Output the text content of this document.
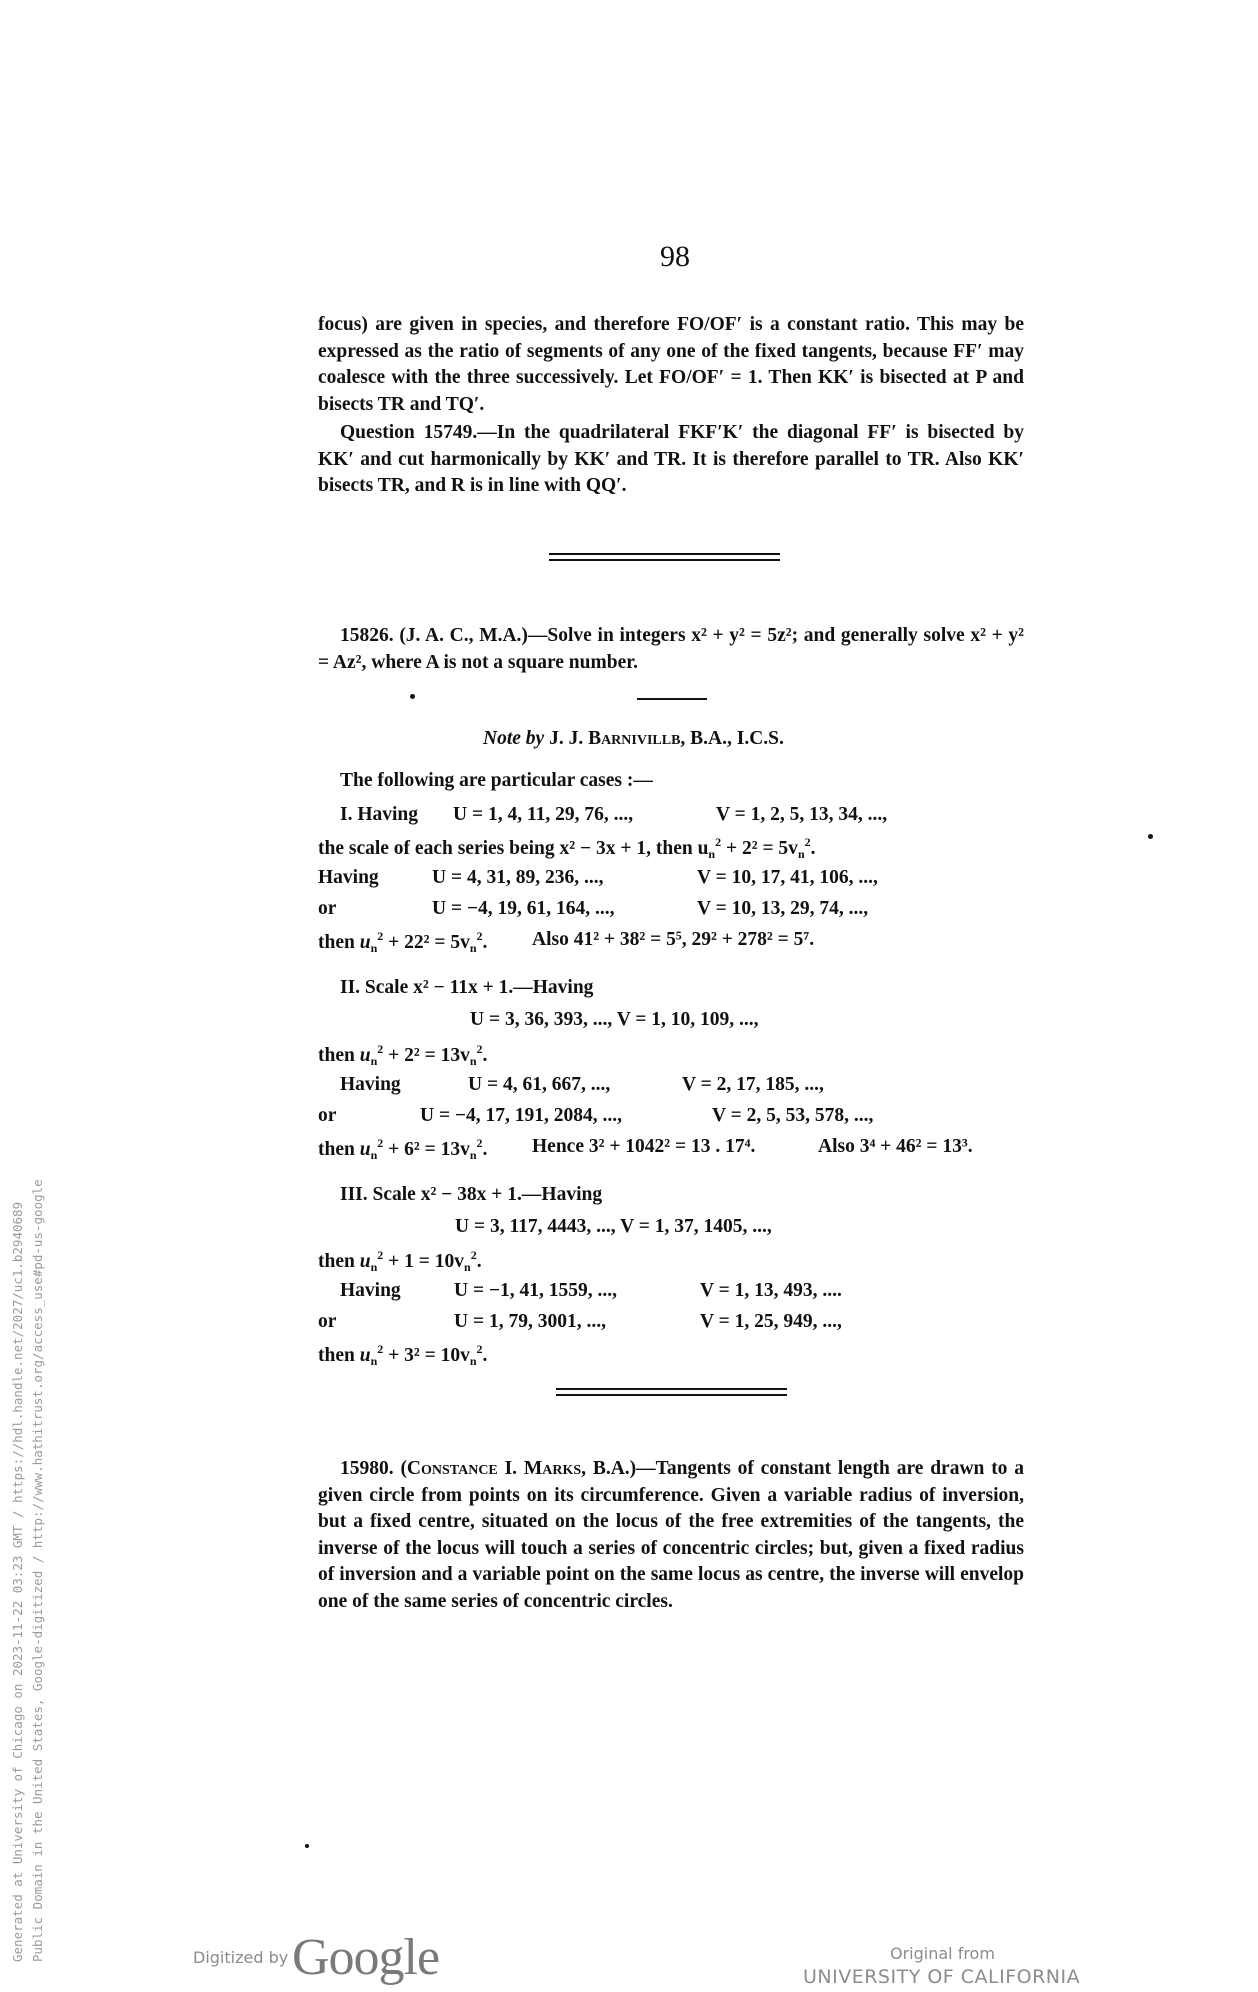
98

focus) are given in species, and therefore FO/OF′ is a constant ratio. This may be expressed as the ratio of segments of any one of the fixed tangents, because FF′ may coalesce with the three successively. Let FO/OF′ = 1. Then KK′ is bisected at P and bisects TR and TQ′.

Question 15749.—In the quadrilateral FKF′K′ the diagonal FF′ is bisected by KK′ and cut harmonically by KK′ and TR. It is therefore parallel to TR. Also KK′ bisects TR, and R is in line with QQ′.

15826. (J. A. C., M.A.)—Solve in integers x² + y² = 5z²; and generally solve x² + y² = Az², where A is not a square number.

Note by J. J. Barnivillb, B.A., I.C.S.
The following are particular cases :—
I. Having U = 1, 4, 11, 29, 76, ...,	V = 1, 2, 5, 13, 34, ...,
the scale of each series being x² − 3x + 1, then $u_n^2 + 2^2 = 5v_n^2$.
Having	U = 4, 31, 89, 236, ...,	V = 10, 17, 41, 106, ...,
or	U = −4, 19, 61, 164, ...,	V = 10, 13, 29, 74, ...,
then $u_n^2 + 22^2 = 5v_n^2$. Also 41² + 38² = 5⁵, 29² + 278² = 5⁷.
II. Scale x² − 11x + 1.—Having
U = 3, 36, 393, ..., V = 1, 10, 109, ...,
then $u_n^2 + 2^2 = 13v_n^2$.
Having	U = 4, 61, 667, ...,	V = 2, 17, 185, ...,
or	U = −4, 17, 191, 2084, ...,	V = 2, 5, 53, 578, ...,
then $u_n^2 + 6^2 = 13v_n^2$. Hence 3² + 1042² = 13 . 17⁴.	Also 3⁴ + 46² = 13³.
III. Scale x² − 38x + 1.—Having
U = 3, 117, 4443, ..., V = 1, 37, 1405, ...,
then $u_n^2 + 1 = 10v_n^2$.
Having	U = −1, 41, 1559, ...,	V = 1, 13, 493, ....
or	U = 1, 79, 3001, ...,	V = 1, 25, 949, ...,
then $u_n^2 + 3^2 = 10v_n^2$.

15980. (Constance I. Marks, B.A.)—Tangents of constant length are drawn to a given circle from points on its circumference. Given a variable radius of inversion, but a fixed centre, situated on the locus of the free extremities of the tangents, the inverse of the locus will touch a series of concentric circles; but, given a fixed radius of inversion and a variable point on the same locus as centre, the inverse will envelop one of the same series of concentric circles.

Generated at University of Chicago on 2023-11-22 03:23 GMT / https://hdl.handle.net/2027/uc1.b2940689 Public Domain in the United States, Google-digitized / http://www.hathitrust.org/access_use#pd-us-google	Digitized by Google	Original from
UNIVERSITY OF CALIFORNIA
